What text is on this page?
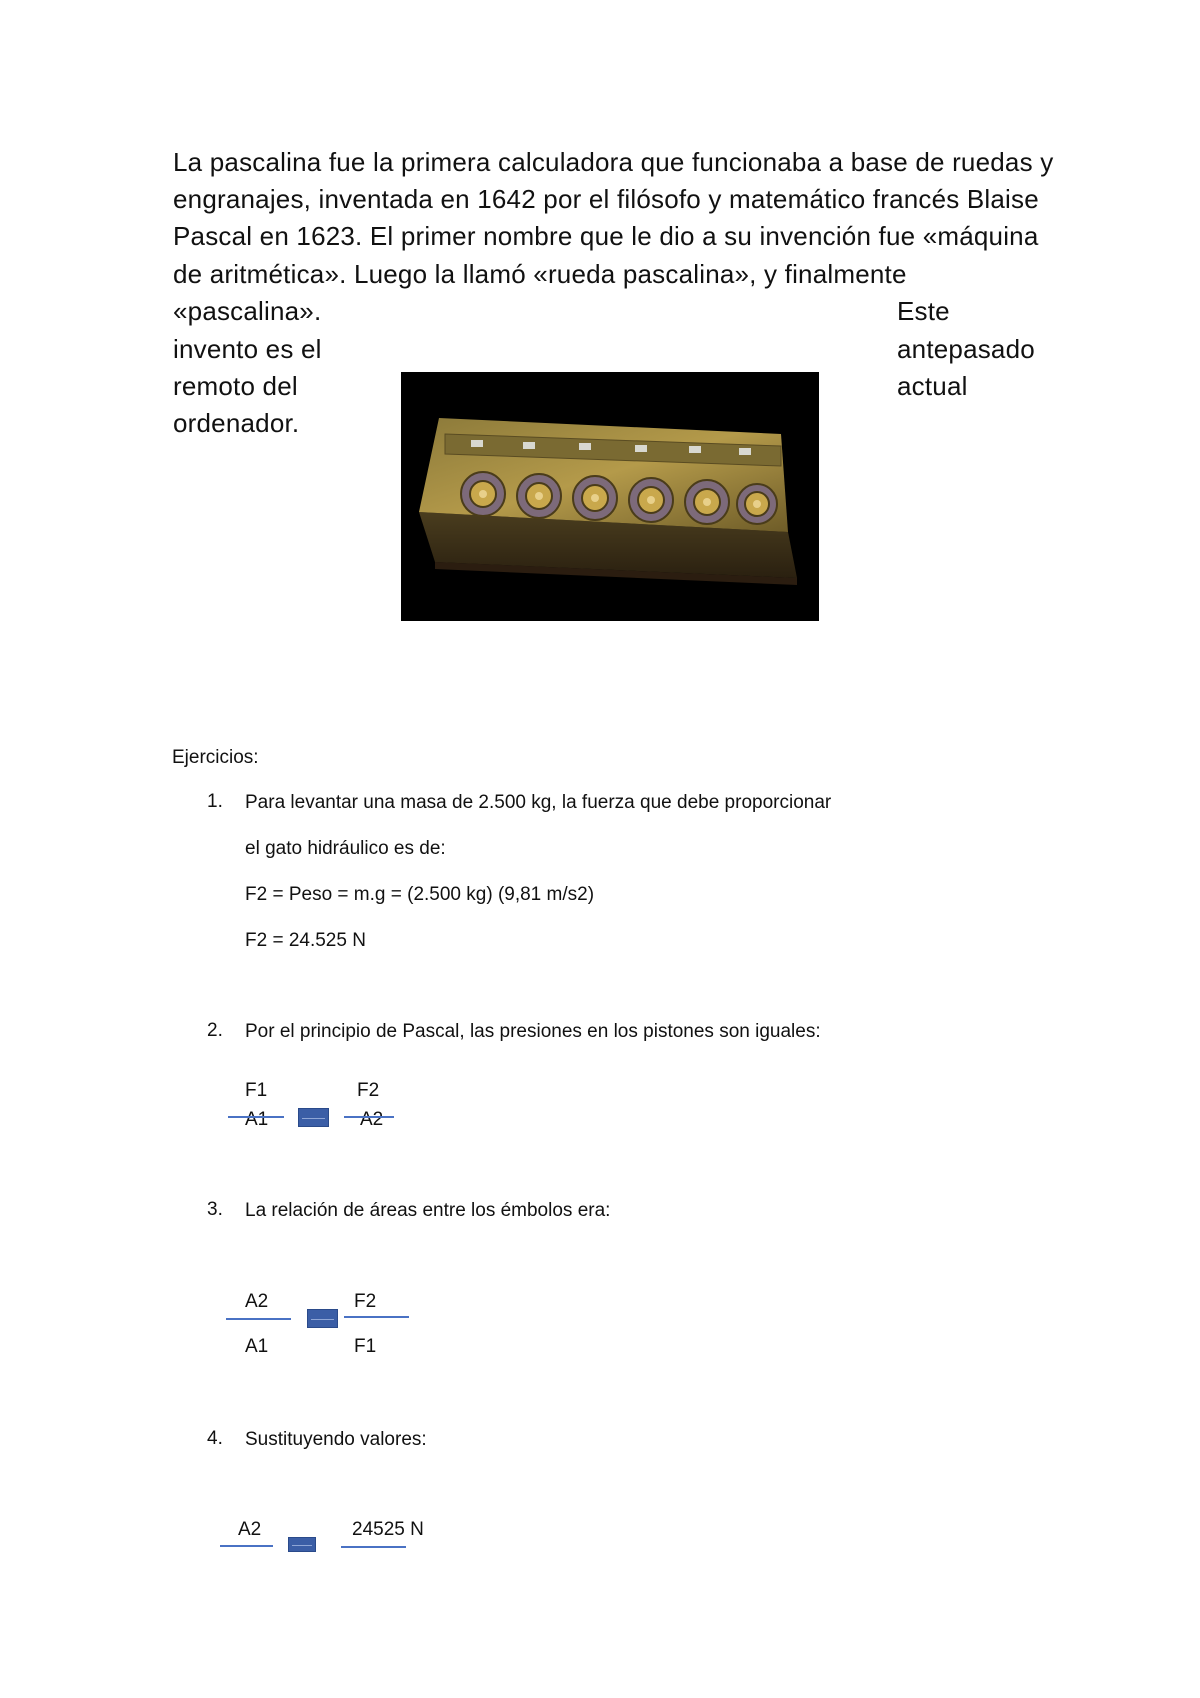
La pascalina fue la primera calculadora que funcionaba a base de ruedas y
engranajes, inventada en 1642 por el filósofo y matemático francés Blaise
Pascal en 1623. El primer nombre que le dio a su invención fue «máquina
de aritmética». Luego la llamó «rueda pascalina», y finalmente
«pascalina».
invento es el
remoto del
ordenador.
Este
antepasado
actual
Ejercicios:
1. Para levantar una masa de 2.500 kg, la fuerza que debe proporcionar
el gato hidráulico es de:
F2 = Peso = m.g = (2.500 kg) (9,81 m/s2)
F2 = 24.525 N
2. Por el principio de Pascal, las presiones en los pistones son iguales:
F1
A1
F2
A2
3. La relación de áreas entre los émbolos era:
A2
A1
F2
F1
4. Sustituyendo valores:
A2	24525 N
